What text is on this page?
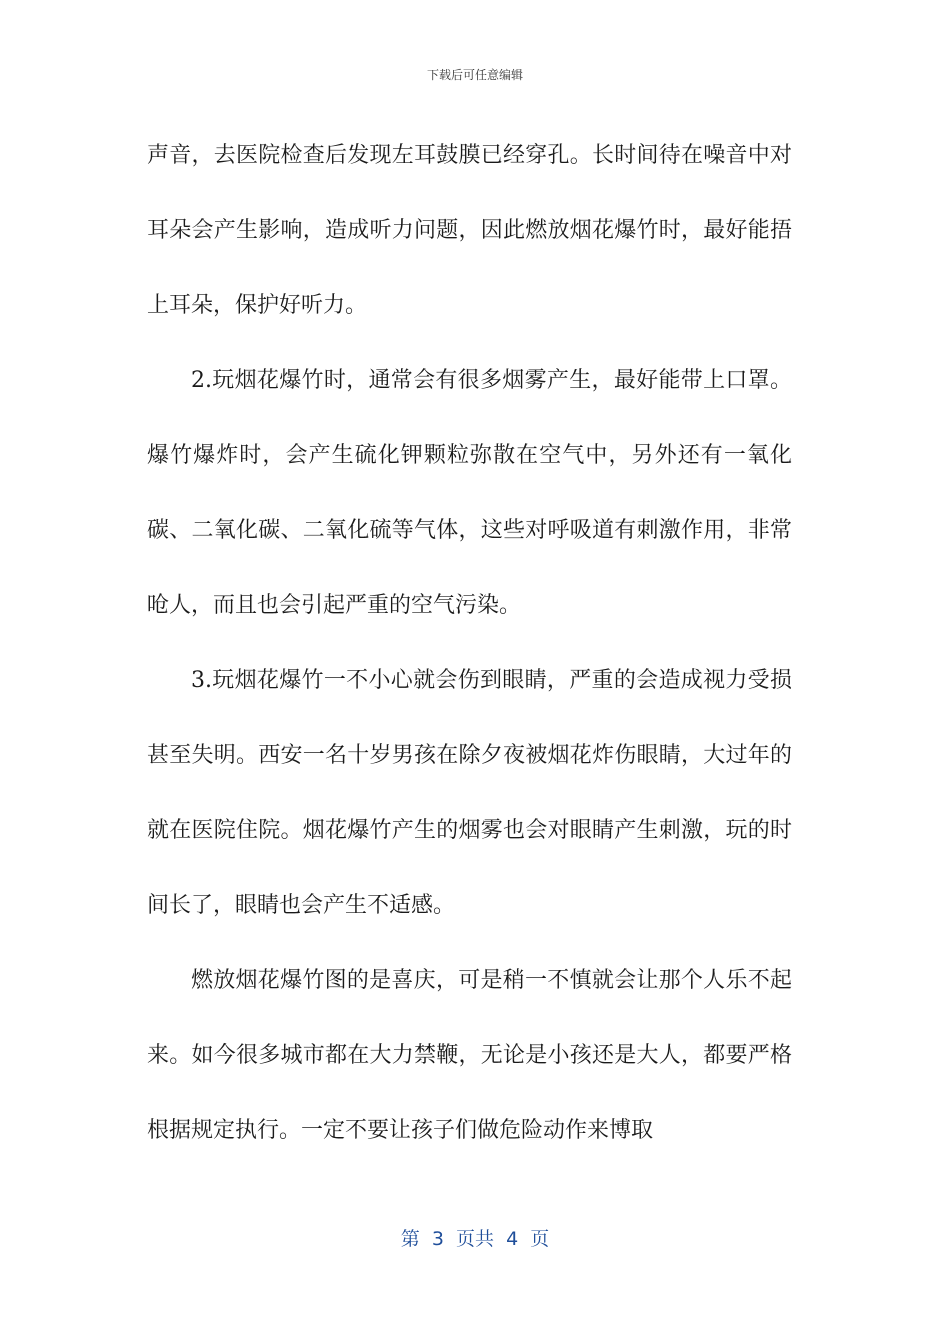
下载后可任意编辑

声音，去医院检查后发现左耳鼓膜已经穿孔。长时间待在噪音中对耳朵会产生影响，造成听力问题，因此燃放烟花爆竹时，最好能捂上耳朵，保护好听力。

2.玩烟花爆竹时，通常会有很多烟雾产生，最好能带上口罩。爆竹爆炸时，会产生硫化钾颗粒弥散在空气中，另外还有一氧化碳、二氧化碳、二氧化硫等气体，这些对呼吸道有刺激作用，非常呛人，而且也会引起严重的空气污染。

3.玩烟花爆竹一不小心就会伤到眼睛，严重的会造成视力受损甚至失明。西安一名十岁男孩在除夕夜被烟花炸伤眼睛，大过年的就在医院住院。烟花爆竹产生的烟雾也会对眼睛产生刺激，玩的时间长了，眼睛也会产生不适感。

燃放烟花爆竹图的是喜庆，可是稍一不慎就会让那个人乐不起来。如今很多城市都在大力禁鞭，无论是小孩还是大人，都要严格根据规定执行。一定不要让孩子们做危险动作来博取

第  3  页共  4  页
